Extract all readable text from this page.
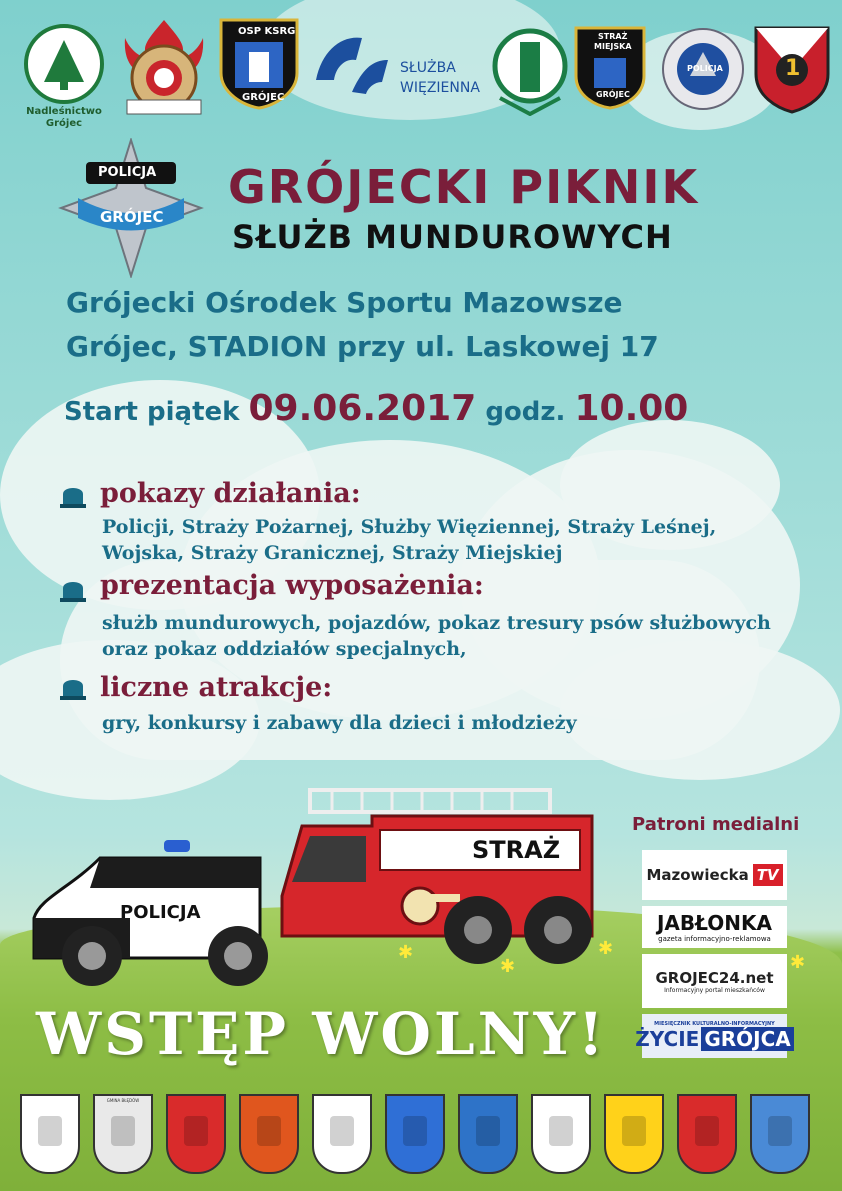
Nadleśnictwo Grójec
OSP KSRG
GRÓJEC
SŁUŻBA
WIĘZIENNA
STRAŻ
MIEJSKA
GRÓJEC
POLICJA	1
POLICJA
GRÓJEC
GRÓJECKI PIKNIK
SŁUŻB MUNDUROWYCH
Grójecki Ośrodek Sportu Mazowsze
Grójec, STADION przy ul. Laskowej 17
Start piątek 09.06.2017 godz. 10.00
pokazy działania:
Policji, Straży Pożarnej, Służby Więziennej, Straży Leśnej,
Wojska, Straży Granicznej, Straży Miejskiej
prezentacja wyposażenia:
służb mundurowych, pojazdów, pokaz tresury psów służbowych
oraz pokaz oddziałów specjalnych,
liczne atrakcje:
gry, konkursy i zabawy dla dzieci i młodzieży
STRAŻ
POLICJA
✱
✱
✱
✱
Patroni medialni
Mazowiecka TV
JABŁONKA
gazeta informacyjno-reklamowa
GROJEC24.net
Informacyjny portal mieszkańców
MIESIĘCZNIK KULTURALNO-INFORMACYJNY
ŻYCIE GRÓJCA
WSTĘP WOLNY!
GMINA BŁĘDÓW
